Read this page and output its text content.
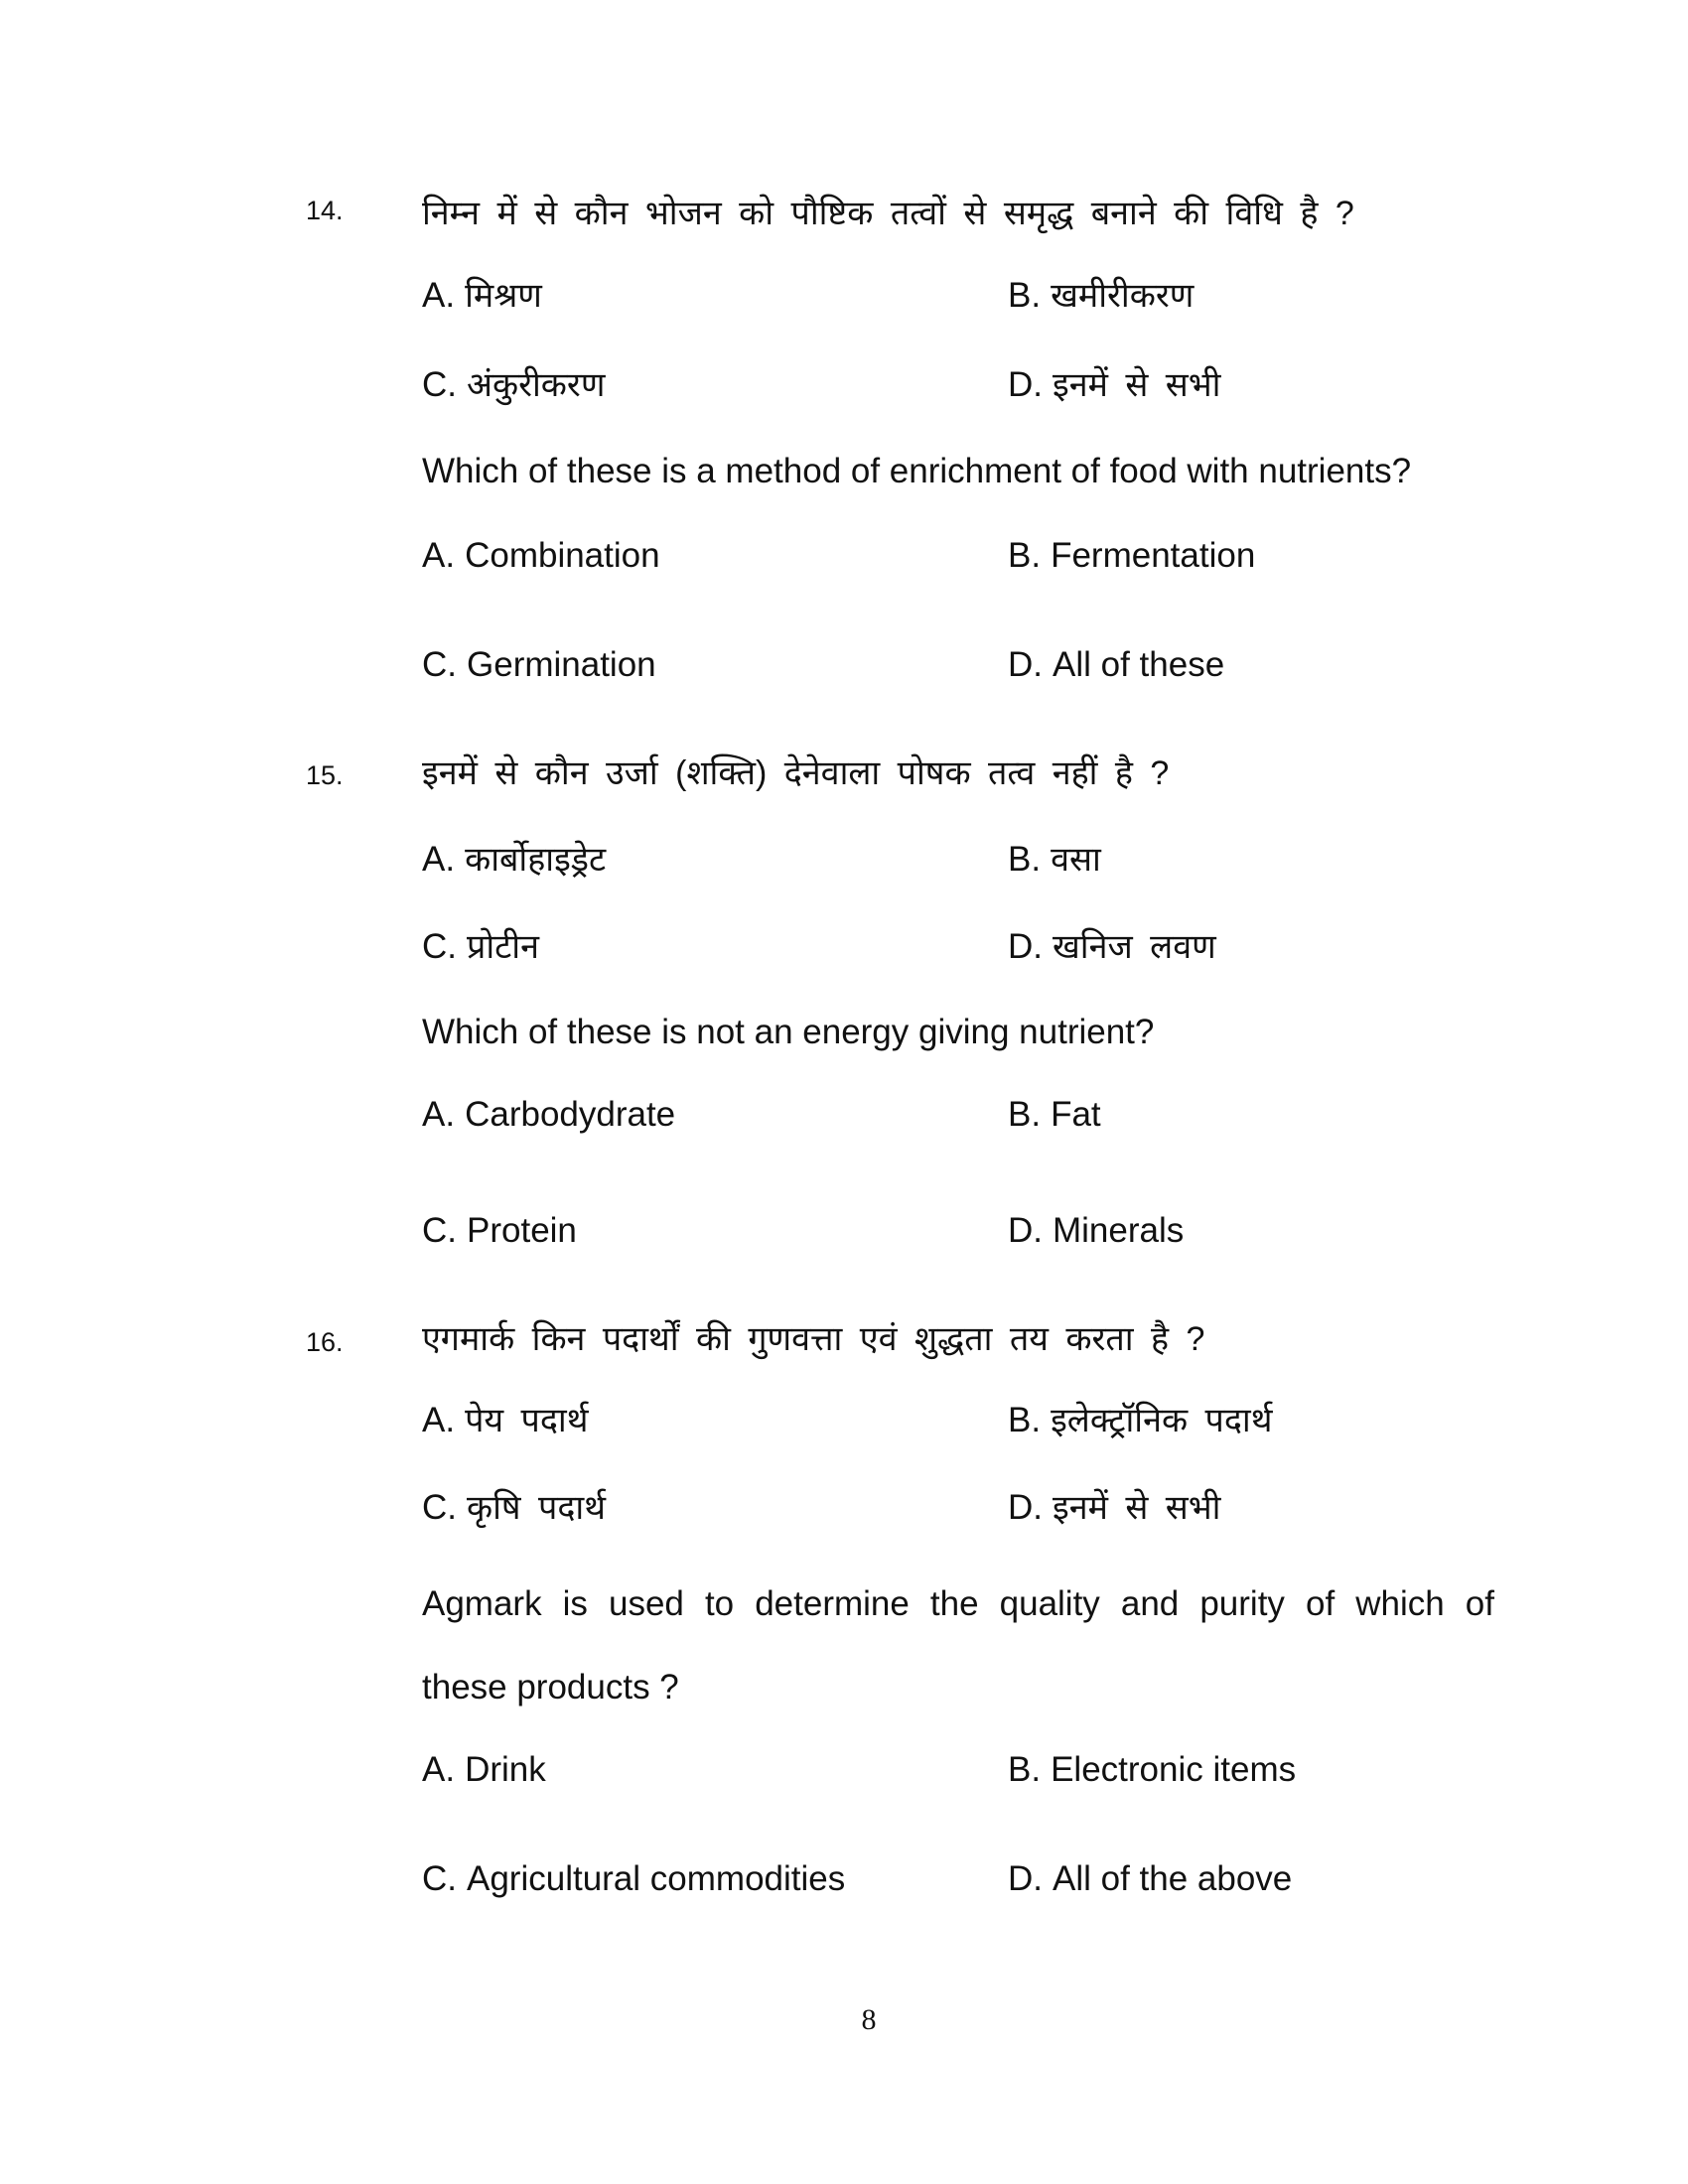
14. निम्न में से कौन भोजन को पौष्टिक तत्वों से समृद्ध बनाने की विधि है ?
A. मिश्रण	B. खमीरीकरण
C. अंकुरीकरण	D. इनमें से सभी
Which of these is a method of enrichment of food with nutrients?
A. Combination	B. Fermentation
C. Germination	D. All of these
15. इनमें से कौन उर्जा (शक्ति) देनेवाला पोषक तत्व नहीं है ?
A. कार्बोहाइड्रेट	B. वसा
C. प्रोटीन	D. खनिज लवण
Which of these is not an energy giving nutrient?
A. Carbodydrate	B. Fat
C. Protein	D. Minerals
16. एगमार्क किन पदार्थों की गुणवत्ता एवं शुद्धता तय करता है ?
A. पेय पदार्थ	B. इलेक्ट्रॉनिक पदार्थ
C. कृषि पदार्थ	D. इनमें से सभी
Agmark is used to determine the quality and purity of which of
these products ?
A. Drink	B. Electronic items
C. Agricultural commodities	D. All of the above
8
